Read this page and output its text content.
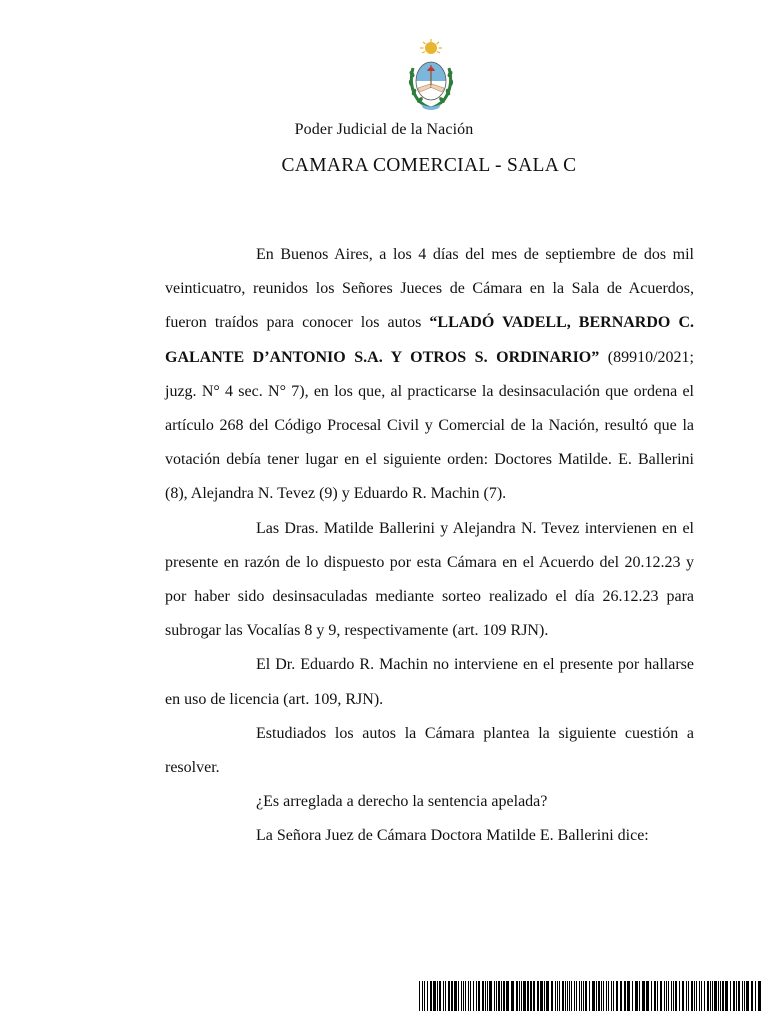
Poder Judicial de la Nación
CAMARA COMERCIAL - SALA C

En Buenos Aires, a los 4 días del mes de septiembre de dos mil veinticuatro, reunidos los Señores Jueces de Cámara en la Sala de Acuerdos, fueron traídos para conocer los autos “LLADÓ VADELL, BERNARDO C. GALANTE D’ANTONIO S.A. Y OTROS S. ORDINARIO” (89910/2021; juzg. N° 4 sec. N° 7), en los que, al practicarse la desinsaculación que ordena el artículo 268 del Código Procesal Civil y Comercial de la Nación, resultó que la votación debía tener lugar en el siguiente orden: Doctores Matilde. E. Ballerini (8), Alejandra N. Tevez (9) y Eduardo R. Machin (7).

Las Dras. Matilde Ballerini y Alejandra N. Tevez intervienen en el presente en razón de lo dispuesto por esta Cámara en el Acuerdo del 20.12.23 y por haber sido desinsaculadas mediante sorteo realizado el día 26.12.23 para subrogar las Vocalías 8 y 9, respectivamente (art. 109 RJN).

El Dr. Eduardo R. Machin no interviene en el presente por hallarse en uso de licencia (art. 109, RJN).

Estudiados los autos la Cámara plantea la siguiente cuestión a resolver.

¿Es arreglada a derecho la sentencia apelada?

La Señora Juez de Cámara Doctora Matilde E. Ballerini dice:
